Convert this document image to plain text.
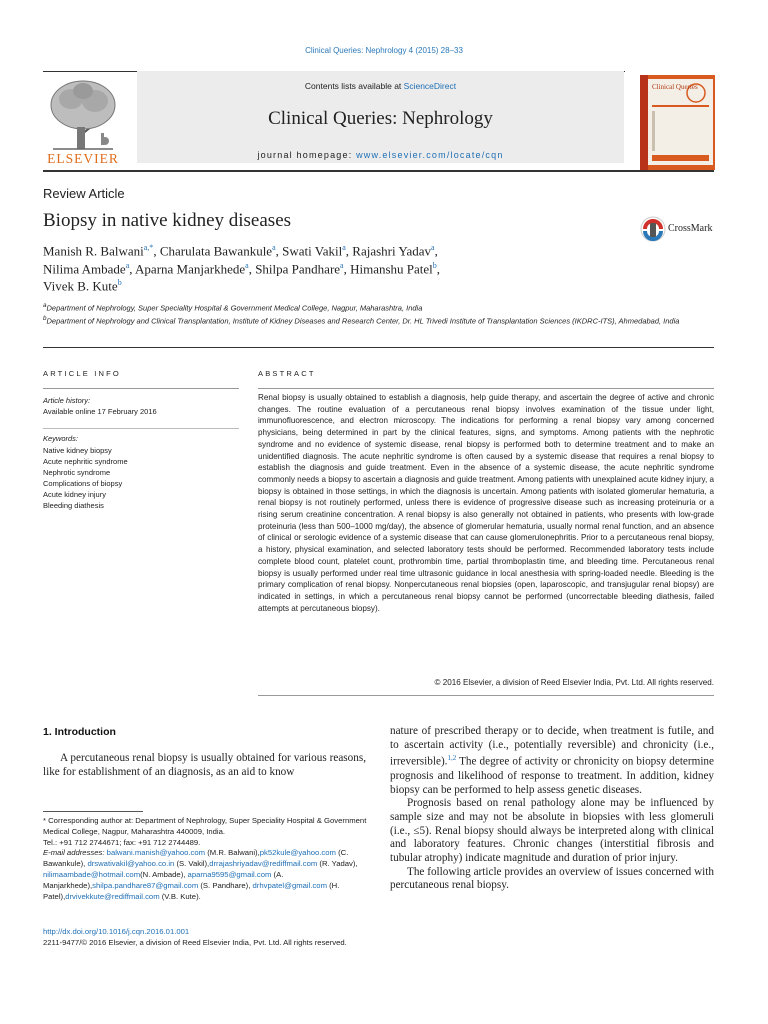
Clinical Queries: Nephrology 4 (2015) 28–33
ELSEVIER
Contents lists available at ScienceDirect
Clinical Queries: Nephrology
journal homepage: www.elsevier.com/locate/cqn
Clinical Queries
Review Article
Biopsy in native kidney diseases	CrossMark
Manish R. Balwani$^{a,*}$, Charulata Bawankule$^a$, Swati Vakil$^a$, Rajashri Yadav$^a$,
Nilima Ambade$^a$, Aparna Manjarkhede$^a$, Shilpa Pandhare$^a$, Himanshu Patel$^b$,
Vivek B. Kute$^b$
$^a$Department of Nephrology, Super Speciality Hospital & Government Medical College, Nagpur, Maharashtra, India
$^b$Department of Nephrology and Clinical Transplantation, Institute of Kidney Diseases and Research Center, Dr. HL Trivedi Institute of Transplantation Sciences (IKDRC-ITS), Ahmedabad, India
ARTICLE INFO
Article history:
Available online 17 February 2016
Keywords:
Native kidney biopsy
Acute nephritic syndrome
Nephrotic syndrome
Complications of biopsy
Acute kidney injury
Bleeding diathesis
ABSTRACT
Renal biopsy is usually obtained to establish a diagnosis, help guide therapy, and ascertain the degree of active and chronic changes. The routine evaluation of a percutaneous renal biopsy involves examination of the tissue under light, immunofluorescence, and electron microscopy. The indications for performing a renal biopsy vary among concerned physicians, being determined in part by the clinical features, signs, and symptoms. Among patients with the nephrotic syndrome and no evidence of systemic disease, renal biopsy is performed both to determine treatment and to make an unidentified diagnosis. The acute nephritic syndrome is often caused by a systemic disease that requires a renal biopsy to establish the diagnosis and guide treatment. Even in the absence of a systemic disease, the acute nephritic syndrome commonly needs a biopsy to ascertain a diagnosis and guide treatment. Among patients with unexplained acute kidney injury, a biopsy is obtained in those settings, in which the diagnosis is uncertain. Among patients with isolated glomerular hematuria, a renal biopsy is not routinely performed, unless there is evidence of progressive disease such as increasing proteinuria or a rising serum creatinine concentration. A renal biopsy is also generally not obtained in patients, who presents with low-grade proteinuria (less than 500–1000 mg/day), the absence of glomerular hematuria, usually normal renal function, and an absence of clinical or serologic evidence of a systemic disease that can cause glomerulonephritis. Prior to a percutaneous renal biopsy, a history, physical examination, and selected laboratory tests should be performed. Recommended laboratory tests include complete blood count, platelet count, prothrombin time, partial thromboplastin time, and bleeding time. Percutaneous renal biopsy is usually performed under real time ultrasonic guidance in local anesthesia with spring-loaded needle. Bleeding is the primary complication of renal biopsy. Nonpercutaneous renal biopsies (open, laparoscopic, and transjugular renal biopsy) are indicated in settings, in which a percutaneous renal biopsy cannot be performed (uncorrectable bleeding diathesis, failed attempts at percutaneous biopsy).
© 2016 Elsevier, a division of Reed Elsevier India, Pvt. Ltd. All rights reserved.
1. Introduction
A percutaneous renal biopsy is usually obtained for various reasons, like for establishment of an diagnosis, as an aid to know

nature of prescribed therapy or to decide, when treatment is futile, and to ascertain activity (i.e., potentially reversible) and chronicity (i.e., irreversible).$^{1,2}$ The degree of activity or chronicity on biopsy determine prognosis and likelihood of response to treatment. In addition, kidney biopsy can be performed to help assess genetic diseases.

Prognosis based on renal pathology alone may be influenced by sample size and may not be absolute in biopsies with less glomeruli (i.e., ≤5). Renal biopsy should always be interpreted along with clinical and laboratory features. Chronic changes (interstitial fibrosis and tubular atrophy) indicate magnitude and duration of prior injury.

The following article provides an overview of issues concerned with percutaneous renal biopsy.

* Corresponding author at: Department of Nephrology, Super Speciality Hospital & Government Medical College, Nagpur, Maharashtra 440009, India.
Tel.: +91 712 2744671; fax: +91 712 2744489.
E-mail addresses: balwani.manish@yahoo.com (M.R. Balwani),pk52kule@yahoo.com (C. Bawankule), drswativakil@yahoo.co.in (S. Vakil),drrajashriyadav@rediffmail.com (R. Yadav), nilimaambade@hotmail.com(N. Ambade), aparna9595@gmail.com (A. Manjarkhede),shilpa.pandhare87@gmail.com (S. Pandhare), drhvpatel@gmail.com (H. Patel),drvivekkute@rediffmail.com (V.B. Kute).
http://dx.doi.org/10.1016/j.cqn.2016.01.001
2211-9477/© 2016 Elsevier, a division of Reed Elsevier India, Pvt. Ltd. All rights reserved.
